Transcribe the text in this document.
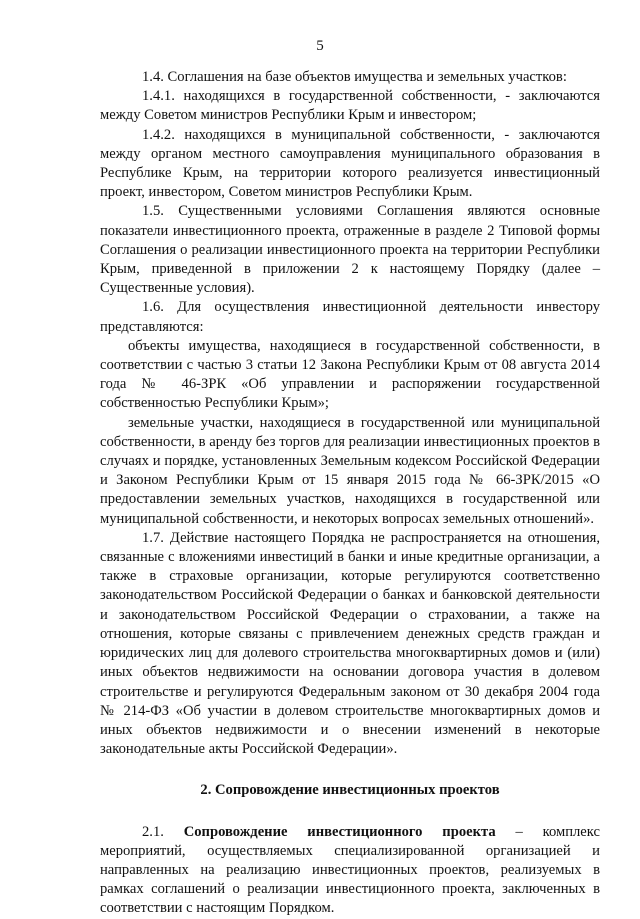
5

1.4. Соглашения на базе объектов имущества и земельных участков:

1.4.1. находящихся в государственной собственности, - заключаются между Советом министров Республики Крым и инвестором;

1.4.2. находящихся в муниципальной собственности, - заключаются между органом местного самоуправления муниципального образования в Республике Крым, на территории которого реализуется инвестиционный проект, инвестором, Советом министров Республики Крым.

1.5. Существенными условиями Соглашения являются основные показатели инвестиционного проекта, отраженные в разделе 2 Типовой формы Соглашения о реализации инвестиционного проекта на территории Республики Крым, приведенной в приложении 2 к настоящему Порядку (далее – Существенные условия).

1.6. Для осуществления инвестиционной деятельности инвестору представляются:

объекты имущества, находящиеся в государственной собственности, в соответствии с частью 3 статьи 12 Закона Республики Крым от 08 августа 2014 года № 46-ЗРК «Об управлении и распоряжении государственной собственностью Республики Крым»;

земельные участки, находящиеся в государственной или муниципальной собственности, в аренду без торгов для реализации инвестиционных проектов в случаях и порядке, установленных Земельным кодексом Российской Федерации и Законом Республики Крым от 15 января 2015 года № 66-ЗРК/2015 «О предоставлении земельных участков, находящихся в государственной или муниципальной собственности, и некоторых вопросах земельных отношений».

1.7. Действие настоящего Порядка не распространяется на отношения, связанные с вложениями инвестиций в банки и иные кредитные организации, а также в страховые организации, которые регулируются соответственно законодательством Российской Федерации о банках и банковской деятельности и законодательством Российской Федерации о страховании, а также на отношения, которые связаны с привлечением денежных средств граждан и юридических лиц для долевого строительства многоквартирных домов и (или) иных объектов недвижимости на основании договора участия в долевом строительстве и регулируются Федеральным законом от 30 декабря 2004 года № 214-ФЗ «Об участии в долевом строительстве многоквартирных домов и иных объектов недвижимости и о внесении изменений в некоторые законодательные акты Российской Федерации».

2. Сопровождение инвестиционных проектов

2.1. Сопровождение инвестиционного проекта – комплекс мероприятий, осуществляемых специализированной организацией и направленных на реализацию инвестиционных проектов, реализуемых в рамках соглашений о реализации инвестиционного проекта, заключенных в соответствии с настоящим Порядком.
